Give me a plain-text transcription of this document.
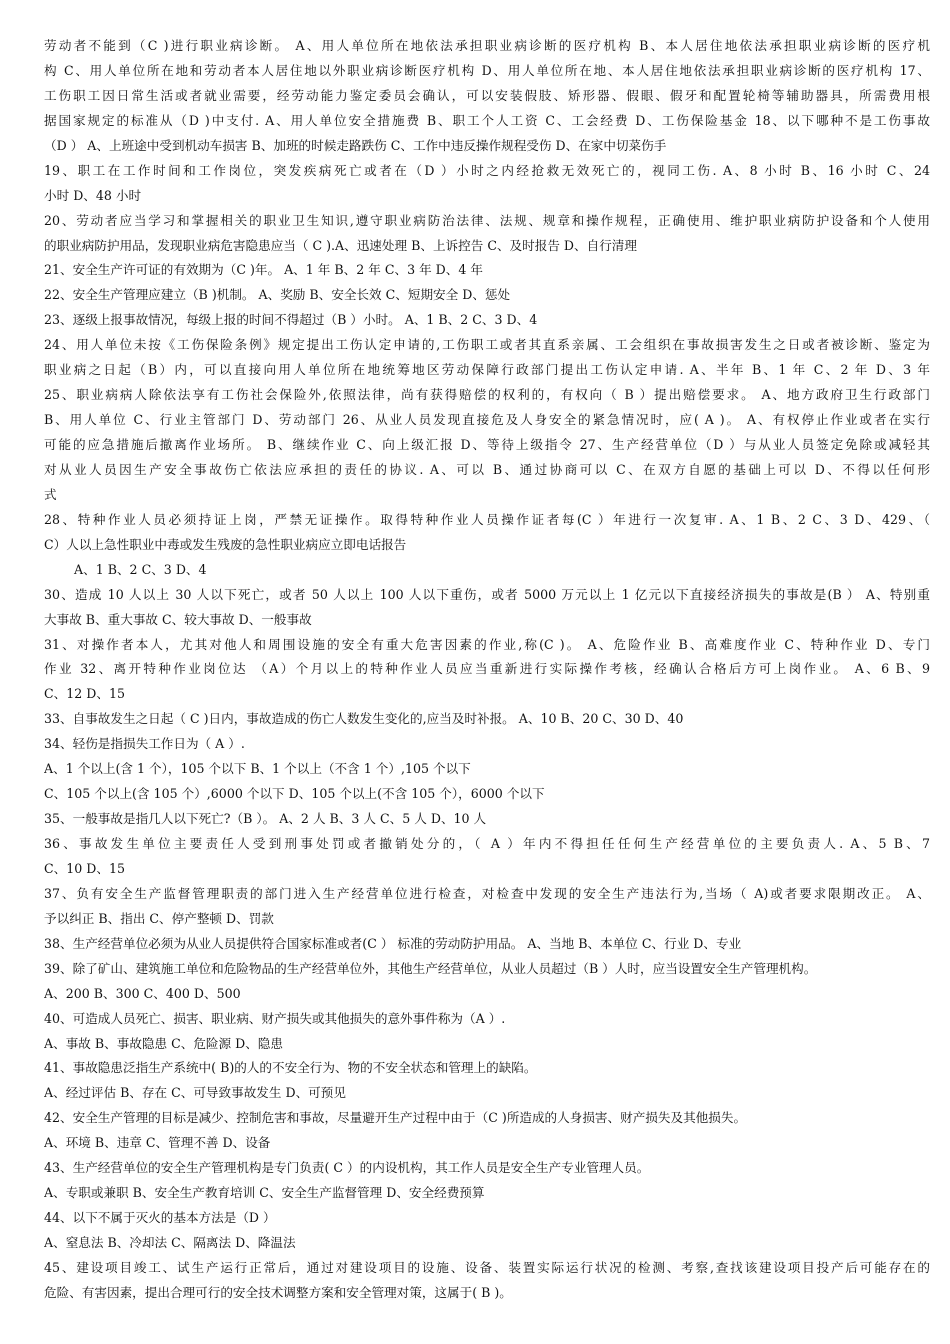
劳动者不能到（C )进行职业病诊断。 A、用人单位所在地依法承担职业病诊断的医疗机构 B、本人居住地依法承担职业病诊断的医疗机
构 C、用人单位所在地和劳动者本人居住地以外职业病诊断医疗机构 D、用人单位所在地、本人居住地依法承担职业病诊断的医疗机构 17、
工伤职工因日常生活或者就业需要，经劳动能力鉴定委员会确认，可以安装假肢、矫形器、假眼、假牙和配置轮椅等辅助器具，所需费用根
据国家规定的标准从（D )中支付. A、用人单位安全措施费 B、职工个人工资 C、工会经费 D、工伤保险基金 18、以下哪种不是工伤事故
（D ） A、上班途中受到机动车损害 B、加班的时候走路跌伤 C、工作中违反操作规程受伤 D、在家中切菜伤手
19、职工在工作时间和工作岗位，突发疾病死亡或者在（D ）小时之内经抢救无效死亡的，视同工伤. A、8 小时 B、16 小时 C、24
小时 D、48 小时
20、劳动者应当学习和掌握相关的职业卫生知识,遵守职业病防治法律、法规、规章和操作规程，正确使用、维护职业病防护设备和个人使用
的职业病防护用品，发现职业病危害隐患应当（ C ).A、迅速处理 B、上诉控告 C、及时报告 D、自行清理
21、安全生产许可证的有效期为（C )年。 A、1 年 B、2 年 C、3 年 D、4 年
22、安全生产管理应建立（B )机制。 A、奖励 B、安全长效 C、短期安全 D、惩处
23、逐级上报事故情况，每级上报的时间不得超过（B ）小时。 A、1 B、2 C、3 D、4
24、用人单位未按《工伤保险条例》规定提出工伤认定申请的,工伤职工或者其直系亲属、工会组织在事故损害发生之日或者被诊断、鉴定为
职业病之日起（B）内，可以直接向用人单位所在地统筹地区劳动保障行政部门提出工伤认定申请. A、半年 B、1 年 C、2 年 D、3 年
25、职业病病人除依法享有工伤社会保险外,依照法律，尚有获得赔偿的权利的，有权向（ B ）提出赔偿要求。 A、地方政府卫生行政部门
B、用人单位 C、行业主管部门 D、劳动部门 26、从业人员发现直接危及人身安全的紧急情况时，应( A )。 A、有权停止作业或者在实行
可能的应急措施后撤离作业场所。 B、继续作业 C、向上级汇报 D、等待上级指令 27、生产经营单位（D ）与从业人员签定免除或减轻其
对从业人员因生产安全事故伤亡依法应承担的责任的协议. A、可以 B、通过协商可以 C、在双方自愿的基础上可以 D、不得以任何形
式
28、特种作业人员必须持证上岗，严禁无证操作。取得特种作业人员操作证者每(C ）年进行一次复审. A、1 B、2 C、3 D、429、（
C）人以上急性职业中毒或发生残废的急性职业病应立即电话报告
A、1 B、2 C、3 D、4
30、造成 10 人以上 30 人以下死亡，或者 50 人以上 100 人以下重伤，或者 5000 万元以上 1 亿元以下直接经济损失的事故是(B ） A、特别重
大事故 B、重大事故 C、较大事故 D、一般事故
31、对操作者本人，尤其对他人和周围设施的安全有重大危害因素的作业,称(C )。 A、危险作业 B、高难度作业 C、特种作业 D、专门
作业 32、离开特种作业岗位达 （A）个月以上的特种作业人员应当重新进行实际操作考核，经确认合格后方可上岗作业。 A、6 B、9
C、12 D、15
33、自事故发生之日起（ C )日内，事故造成的伤亡人数发生变化的,应当及时补报。 A、10 B、20 C、30 D、40
34、轻伤是指损失工作日为（ A ）.
A、1 个以上(含 1 个），105 个以下 B、1 个以上（不含 1 个）,105 个以下
C、105 个以上(含 105 个）,6000 个以下 D、105 个以上(不含 105 个），6000 个以下
35、一般事故是指几人以下死亡?（B ）。 A、2 人 B、3 人 C、5 人 D、10 人
36、事故发生单位主要责任人受到刑事处罚或者撤销处分的，（ A ）年内不得担任任何生产经营单位的主要负责人. A、5 B、7
C、10 D、15
37、负有安全生产监督管理职责的部门进入生产经营单位进行检查，对检查中发现的安全生产违法行为,当场（ A)或者要求限期改正。 A、
予以纠正 B、指出 C、停产整顿 D、罚款
38、生产经营单位必须为从业人员提供符合国家标准或者(C ） 标准的劳动防护用品。 A、当地 B、本单位 C、行业 D、专业
39、除了矿山、建筑施工单位和危险物品的生产经营单位外，其他生产经营单位，从业人员超过（B ）人时，应当设置安全生产管理机构。
A、200 B、300 C、400 D、500
40、可造成人员死亡、损害、职业病、财产损失或其他损失的意外事件称为（A ）.
A、事故 B、事故隐患 C、危险源 D、隐患
41、事故隐患泛指生产系统中( B)的人的不安全行为、物的不安全状态和管理上的缺陷。
A、经过评估 B、存在 C、可导致事故发生 D、可预见
42、安全生产管理的目标是减少、控制危害和事故，尽量避开生产过程中由于（C )所造成的人身损害、财产损失及其他损失。
A、环境 B、违章 C、管理不善 D、设备
43、生产经营单位的安全生产管理机构是专门负责( C ）的内设机构，其工作人员是安全生产专业管理人员。
A、专职或兼职 B、安全生产教育培训 C、安全生产监督管理 D、安全经费预算
44、以下不属于灭火的基本方法是（D ）
A、窒息法 B、冷却法 C、隔离法 D、降温法
45、建设项目竣工、试生产运行正常后，通过对建设项目的设施、设备、装置实际运行状况的检测、考察,查找该建设项目投产后可能存在的
危险、有害因素，提出合理可行的安全技术调整方案和安全管理对策，这属于( B )。
